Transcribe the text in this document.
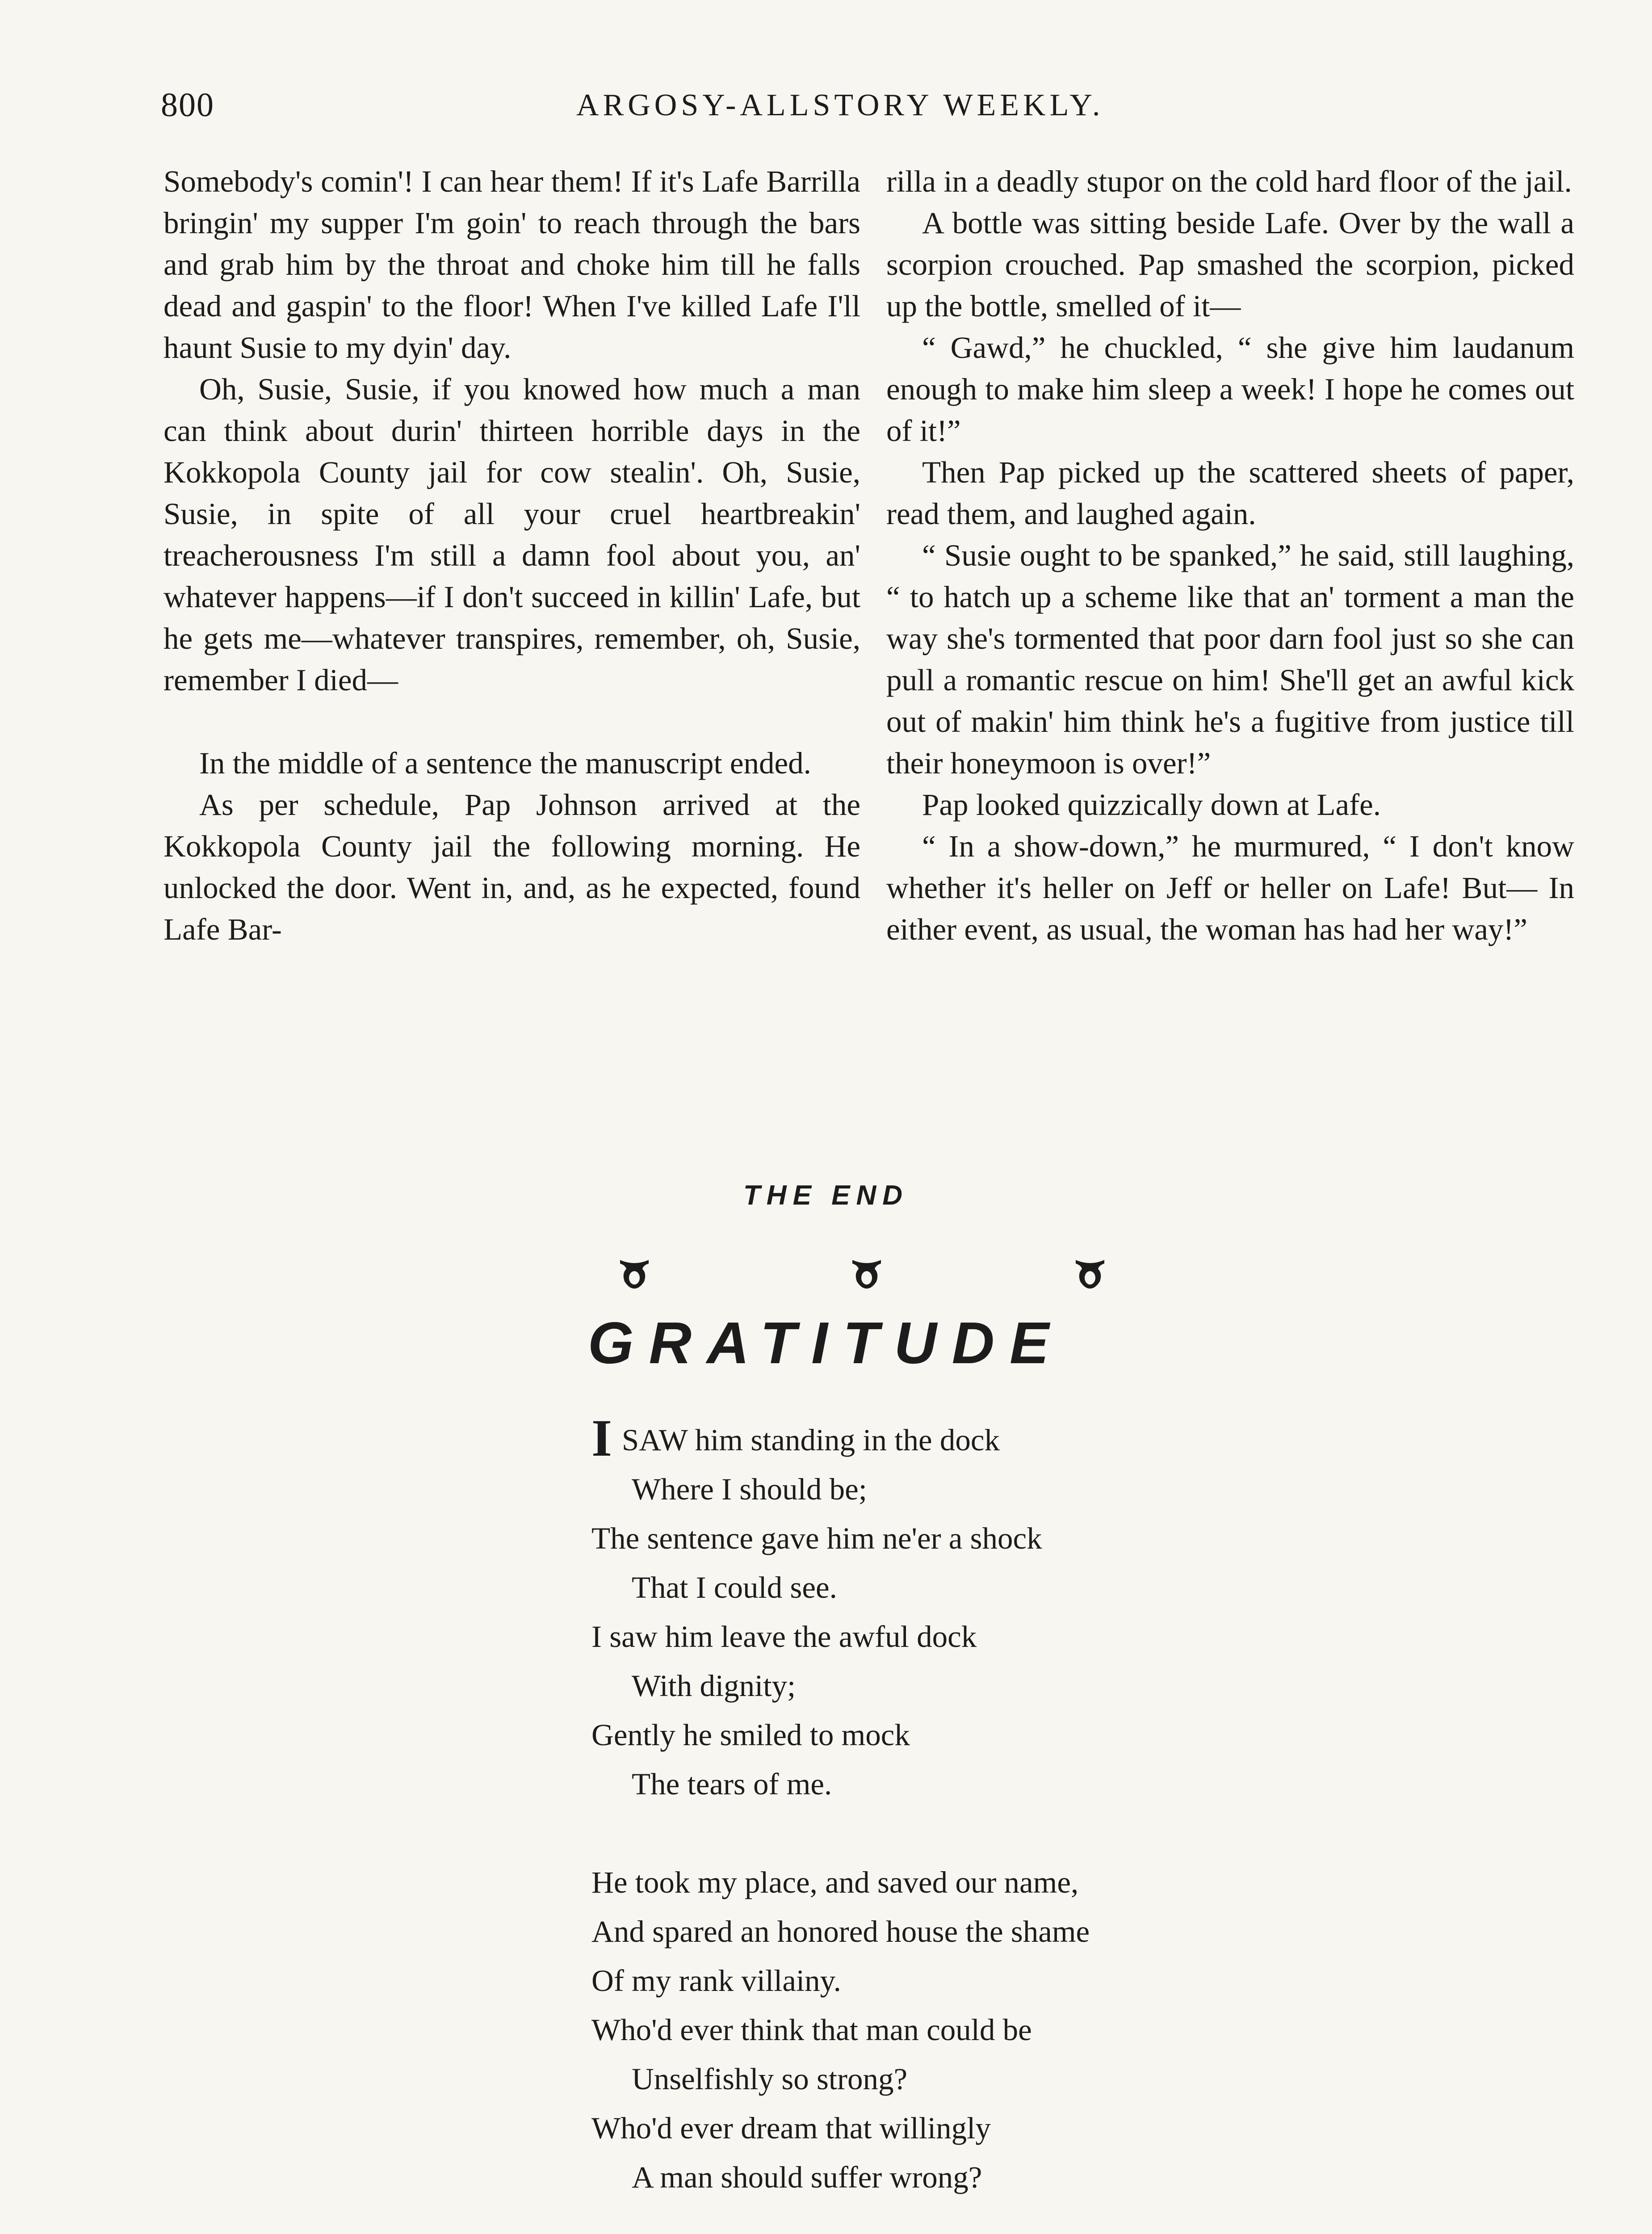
800	ARGOSY-ALLSTORY WEEKLY.

Somebody's comin'! I can hear them! If it's Lafe Barrilla bringin' my supper I'm goin' to reach through the bars and grab him by the throat and choke him till he falls dead and gaspin' to the floor! When I've killed Lafe I'll haunt Susie to my dyin' day.

Oh, Susie, Susie, if you knowed how much a man can think about durin' thirteen horrible days in the Kokkopola County jail for cow stealin'. Oh, Susie, Susie, in spite of all your cruel heartbreakin' treacherousness I'm still a damn fool about you, an' whatever happens—if I don't succeed in killin' Lafe, but he gets me—whatever transpires, remember, oh, Susie, remember I died—

In the middle of a sentence the manuscript ended.

As per schedule, Pap Johnson arrived at the Kokkopola County jail the following morning. He unlocked the door. Went in, and, as he expected, found Lafe Bar-

rilla in a deadly stupor on the cold hard floor of the jail.

A bottle was sitting beside Lafe. Over by the wall a scorpion crouched. Pap smashed the scorpion, picked up the bottle, smelled of it—

“ Gawd,” he chuckled, “ she give him laudanum enough to make him sleep a week! I hope he comes out of it!”

Then Pap picked up the scattered sheets of paper, read them, and laughed again.

“ Susie ought to be spanked,” he said, still laughing, “ to hatch up a scheme like that an' torment a man the way she's tormented that poor darn fool just so she can pull a romantic rescue on him! She'll get an awful kick out of makin' him think he's a fugitive from justice till their honeymoon is over!”

Pap looked quizzically down at Lafe.

“ In a show-down,” he murmured, “ I don't know whether it's heller on Jeff or heller on Lafe! But— In either event, as usual, the woman has had her way!”

THE END
GRATITUDE
ISAW him standing in the dock
Where I should be;
The sentence gave him ne'er a shock
That I could see.
I saw him leave the awful dock
With dignity;
Gently he smiled to mock
The tears of me.
He took my place, and saved our name,
And spared an honored house the shame
Of my rank villainy.
Who'd ever think that man could be
Unselfishly so strong?
Who'd ever dream that willingly
A man should suffer wrong?
